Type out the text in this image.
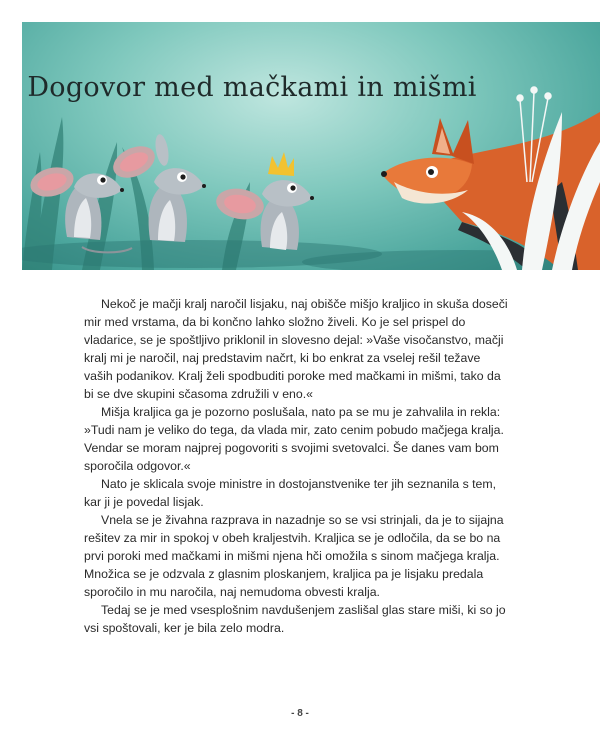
Dogovor med mačkami in mišmi

Nekoč je mačji kralj naročil lisjaku, naj obišče mišjo kraljico in skuša doseči mir med vrstama, da bi končno lahko složno živeli. Ko je sel prispel do vladarice, se je spoštljivo priklonil in slovesno dejal: »Vaše visočanstvo, mačji kralj mi je naročil, naj predstavim načrt, ki bo enkrat za vselej rešil težave vaših podanikov. Kralj želi spodbuditi poroke med mačkami in mišmi, tako da bi se dve skupini sčasoma združili v eno.«

Mišja kraljica ga je pozorno poslušala, nato pa se mu je zahvalila in rekla: »Tudi nam je veliko do tega, da vlada mir, zato cenim pobudo mačjega kralja. Vendar se moram najprej pogovoriti s svojimi svetovalci. Še danes vam bom sporočila odgovor.«

Nato je sklicala svoje ministre in dostojanstvenike ter jih seznanila s tem, kar ji je povedal lisjak.

Vnela se je živahna razprava in nazadnje so se vsi strinjali, da je to sijajna rešitev za mir in spokoj v obeh kraljestvih. Kraljica se je odločila, da se bo na prvi poroki med mačkami in mišmi njena hči omožila s sinom mačjega kralja. Množica se je odzvala z glasnim ploskanjem, kraljica pa je lisjaku predala sporočilo in mu naročila, naj nemudoma obvesti kralja.

Tedaj se je med vsesplošnim navdušenjem zaslišal glas stare miši, ki so jo vsi spoštovali, ker je bila zelo modra.

- 8 -
